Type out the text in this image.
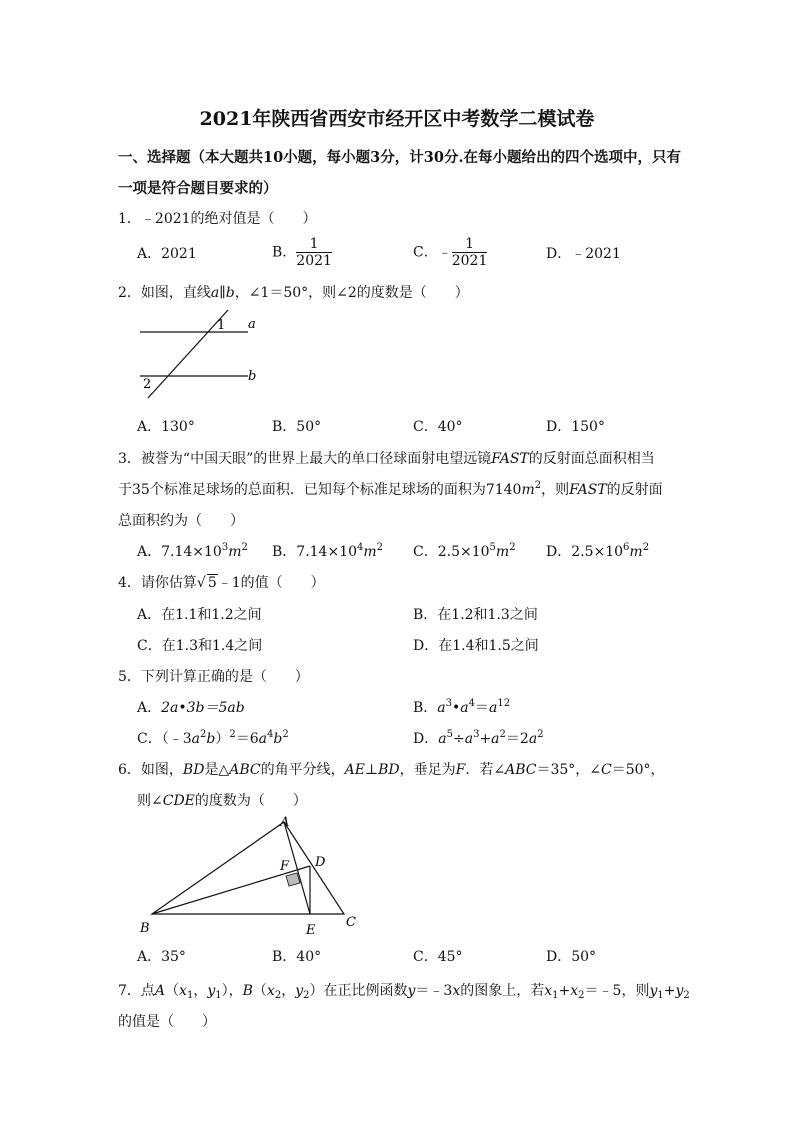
2021年陕西省西安市经开区中考数学二模试卷
一、选择题（本大题共10小题，每小题3分，计30分.在每小题给出的四个选项中，只有
一项是符合题目要求的）
1．﹣2021的绝对值是（　　）
A．2021	B． $\frac{1}{2021}$	C．﹣ $\frac{1}{2021}$	D．﹣2021
2．如图，直线a∥b，∠1＝50°，则∠2的度数是（　　）
1
2
a
b
A．130°	B．50°	C．40°	D．150°
3．被誉为“中国天眼”的世界上最大的单口径球面射电望远镜FAST的反射面总面积相当
于35个标准足球场的总面积．已知每个标准足球场的面积为$7140m^2$，则FAST的反射面
总面积约为（　　）
A．$7.14\times 10^3m^2$ B．$7.14\times 10^4m^2$ C．$2.5\times 10^5m^2$ D．$2.5\times 10^6m^2$
4．请你估算√ 5﹣1的值（　　）
A．在1.1和1.2之间	B．在1.2和1.3之间
C．在1.3和1.4之间	D．在1.4和1.5之间
5．下列计算正确的是（　　）
A．2a•3b＝5ab	B．$a^3•a^4=a^{12}$
C．$(﹣3a^2b)^2=6a^4b^2$	D．$a^5\div a^3+a^2=2a^2$
6．如图，BD是△ABC的角平分线，AE⊥BD，垂足为F．若∠ABC＝35°，∠C＝50°，
则∠CDE的度数为（　　）
A
B	C
D
E
F
A．35°	B．40°	C．45°	D．50°
7．点$A(x_1$，$y_1$），$B(x_2$，$y_2$）在正比例函数y＝﹣3x的图象上，若$x_1+x_2=﹣5$，则$y_1+y_2$
的值是（　　）
